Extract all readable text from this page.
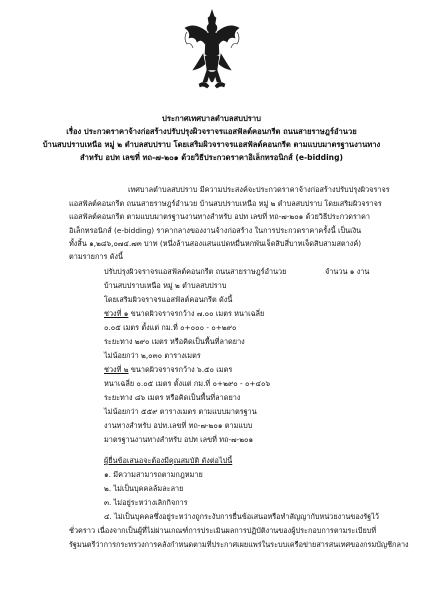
ประกาศเทศบาลตำบลสบปราบ
เรื่อง ประกวดราคาจ้างก่อสร้างปรับปรุงผิวจราจรแอสฟัลต์คอนกรีต ถนนสายราษฎร์อำนวย
บ้านสบปราบเหนือ หมู่ ๒ ตำบลสบปราบ โดยเสริมผิวจราจรแอสฟัลต์คอนกรีต ตามแบบมาตรฐานงานทาง
สำหรับ อปท เลขที่ ทถ-๗-๒๐๑ ด้วยวิธีประกวดราคาอิเล็กทรอนิกส์ (e-bidding)
เทศบาลตำบลสบปราบ มีความประสงค์จะประกวดราคาจ้างก่อสร้างปรับปรุงผิวจราจร
แอสฟัลต์คอนกรีต ถนนสายราษฎร์อำนวย บ้านสบปราบเหนือ หมู่ ๒ ตำบลสบปราบ โดยเสริมผิวจราจร
แอสฟัลต์คอนกรีต ตามแบบมาตรฐานงานทางสำหรับ อปท เลขที่ ทถ-๗-๒๐๑ ด้วยวิธีประกวดราคา
อิเล็กทรอนิกส์ (e-bidding) ราคากลางของงานจ้างก่อสร้าง ในการประกวดราคาครั้งนี้ เป็นเงิน
ทั้งสิ้น ๑,๒๘๖,๐๗๔.๗๓ บาท (หนึ่งล้านสองแสนแปดหมื่นหกพันเจ็ดสิบสี่บาทเจ็ดสิบสามสตางค์)
ตามรายการ ดังนี้
ปรับปรุงผิวจราจรแอสฟัลต์คอนกรีต ถนนสายราษฎร์อำนวย	จำนวน ๑ งาน
บ้านสบปราบเหนือ หมู่ ๒ ตำบลสบปราบ
โดยเสริมผิวจราจรแอสฟัลต์คอนกรีต ดังนี้
ช่วงที่ ๑ ขนาดผิวจราจรกว้าง ๗.๐๐ เมตร หนาเฉลี่ย
๐.๐๕ เมตร ตั้งแต่ กม.ที่ ๐+๐๐๐ - ๐+๒๙๐
ระยะทาง ๒๙๐ เมตร หรือคิดเป็นพื้นที่ลาดยาง
ไม่น้อยกว่า ๒,๐๓๐ ตารางเมตร
ช่วงที่ ๒ ขนาดผิวจราจรกว้าง ๖.๕๐ เมตร
หนาเฉลี่ย ๐.๐๕ เมตร ตั้งแต่ กม.ที่ ๐+๒๙๐ - ๐+๔๐๖
ระยะทาง ๘๖ เมตร หรือคิดเป็นพื้นที่ลาดยาง
ไม่น้อยกว่า ๕๕๙ ตารางเมตร ตามแบบมาตรฐาน
งานทางสำหรับ อปท.เลขที่ ทถ-๗-๒๐๑ ตามแบบ
มาตรฐานงานทางสำหรับ อปท เลขที่ ทถ-๗-๒๐๑
ผู้ยื่นข้อเสนอจะต้องมีคุณสมบัติ ดังต่อไปนี้
๑. มีความสามารถตามกฎหมาย
๒. ไม่เป็นบุคคลล้มละลาย
๓. ไม่อยู่ระหว่างเลิกกิจการ
๔. ไม่เป็นบุคคลซึ่งอยู่ระหว่างถูกระงับการยื่นข้อเสนอหรือทำสัญญากับหน่วยงานของรัฐไว้
ชั่วคราว เนื่องจากเป็นผู้ที่ไม่ผ่านเกณฑ์การประเมินผลการปฏิบัติงานของผู้ประกอบการตามระเบียบที่
รัฐมนตรีว่าการกระทรวงการคลังกำหนดตามที่ประกาศเผยแพร่ในระบบเครือข่ายสารสนเทศของกรมบัญชีกลาง
